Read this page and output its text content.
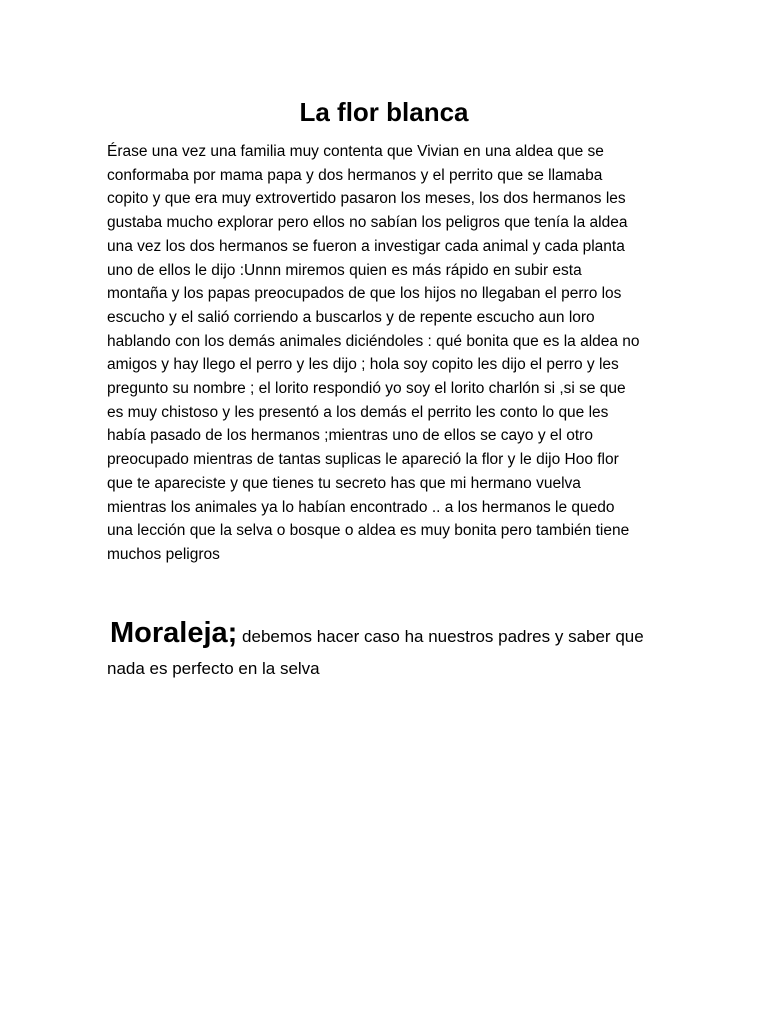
La flor blanca

Érase una vez una familia muy contenta que Vivian en una aldea que se
conformaba por mama papa y dos hermanos y el perrito que se llamaba
copito y que era muy extrovertido pasaron los meses, los dos hermanos les
gustaba mucho explorar pero ellos no sabían los peligros que tenía la aldea
una vez los dos hermanos se fueron a investigar cada animal y cada planta
uno de ellos le dijo :Unnn miremos quien es más rápido en subir esta
montaña y los papas preocupados de que los hijos no llegaban el perro los
escucho y el salió corriendo a buscarlos y de repente escucho aun loro
hablando con los demás animales diciéndoles : qué bonita que es la aldea no
amigos y hay llego el perro y les dijo ; hola soy copito les dijo el perro y les
pregunto su nombre ; el lorito respondió yo soy el lorito charlón si ,si se que
es muy chistoso y les presentó a los demás el perrito les conto lo que les
había pasado de los hermanos ;mientras uno de ellos se cayo y el otro
preocupado mientras de tantas suplicas le apareció la flor y le dijo Hoo flor
que te apareciste y que tienes tu secreto has que mi hermano vuelva
mientras los animales ya lo habían encontrado .. a los hermanos le quedo
una lección que la selva o bosque o aldea es muy bonita pero también tiene
muchos peligros

Moraleja; debemos hacer caso ha nuestros padres y saber que nada es perfecto en la selva
